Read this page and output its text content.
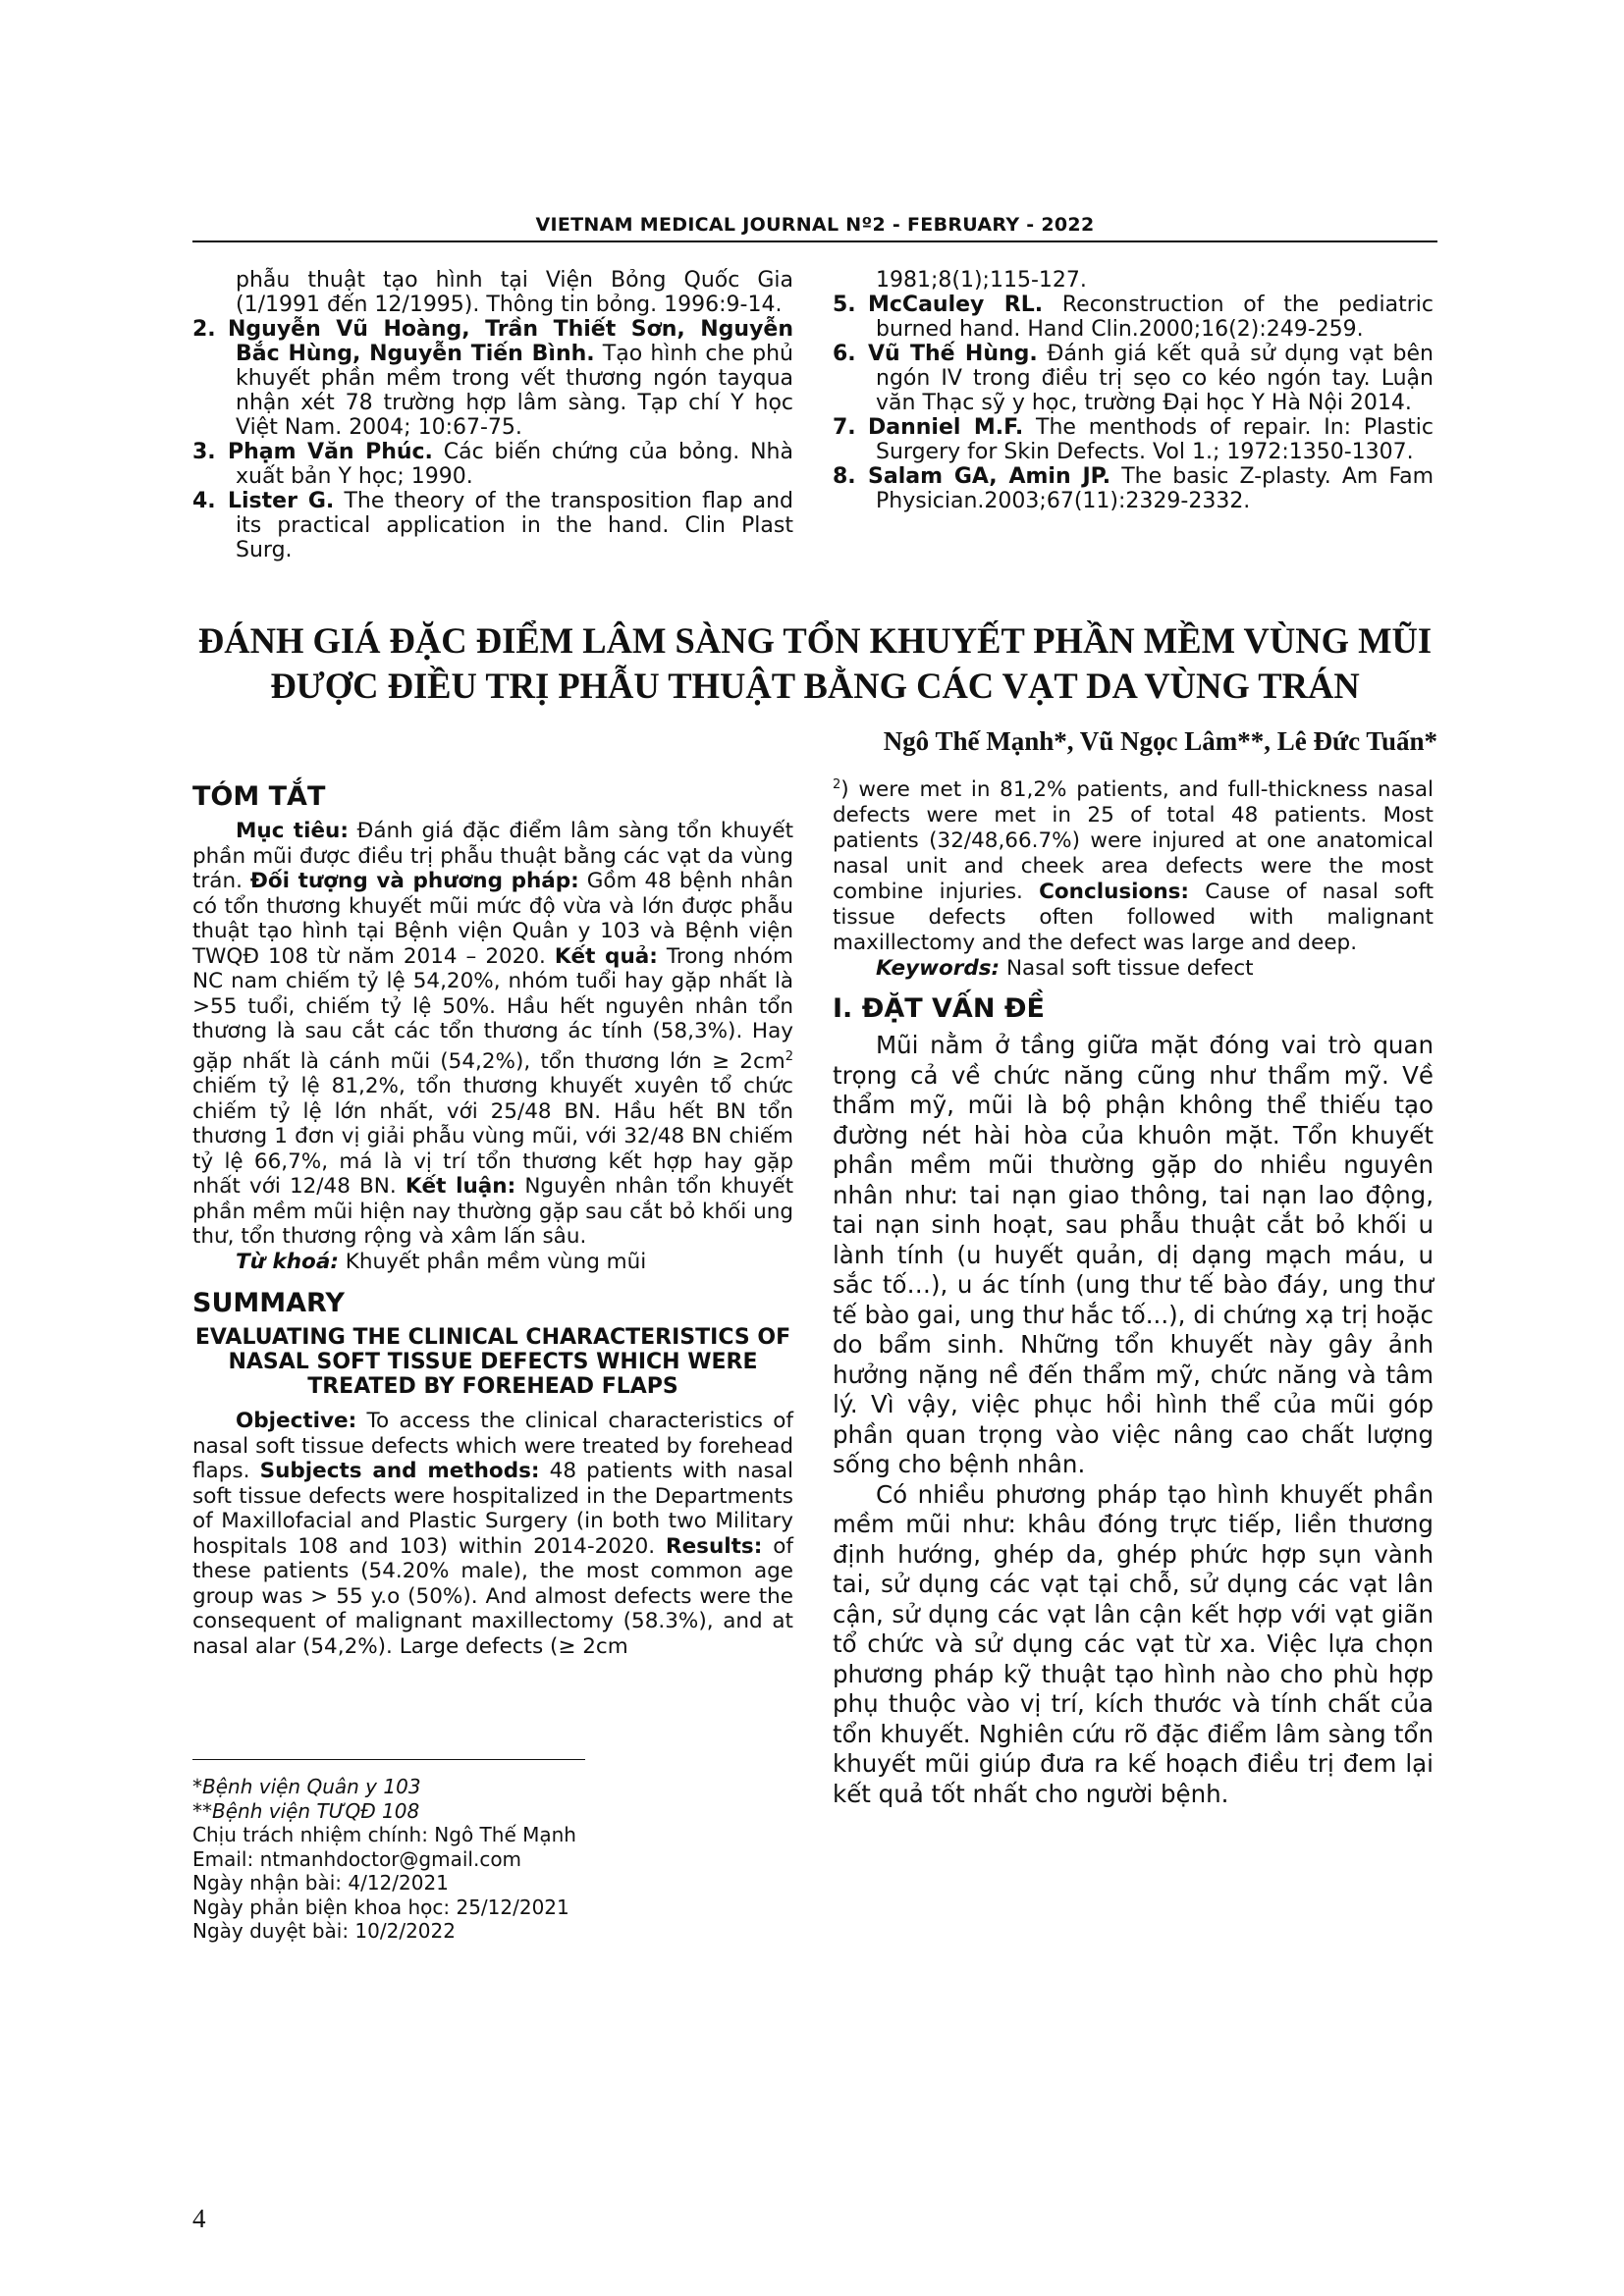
VIETNAM MEDICAL JOURNAL Nº2 - FEBRUARY - 2022

phẫu thuật tạo hình tại Viện Bỏng Quốc Gia (1/1991 đến 12/1995). Thông tin bỏng. 1996:9-14.

2. Nguyễn Vũ Hoàng, Trần Thiết Sơn, Nguyễn Bắc Hùng, Nguyễn Tiến Bình. Tạo hình che phủ khuyết phần mềm trong vết thương ngón tayqua nhận xét 78 trường hợp lâm sàng. Tạp chí Y học Việt Nam. 2004; 10:67-75.

3. Phạm Văn Phúc. Các biến chứng của bỏng. Nhà xuất bản Y học; 1990.

4. Lister G. The theory of the transposition flap and its practical application in the hand. Clin Plast Surg.

1981;8(1);115-127.

5. McCauley RL. Reconstruction of the pediatric burned hand. Hand Clin.2000;16(2):249-259.

6. Vũ Thế Hùng. Đánh giá kết quả sử dụng vạt bên ngón IV trong điều trị sẹo co kéo ngón tay. Luận văn Thạc sỹ y học, trường Đại học Y Hà Nội 2014.

7. Danniel M.F. The menthods of repair. In: Plastic Surgery for Skin Defects. Vol 1.; 1972:1350-1307.

8. Salam GA, Amin JP. The basic Z-plasty. Am Fam Physician.2003;67(11):2329-2332.

ĐÁNH GIÁ ĐẶC ĐIỂM LÂM SÀNG TỔN KHUYẾT PHẦN MỀM VÙNG MŨI
ĐƯỢC ĐIỀU TRỊ PHẪU THUẬT BẰNG CÁC VẠT DA VÙNG TRÁN
Ngô Thế Mạnh*, Vũ Ngọc Lâm**, Lê Đức Tuấn*
TÓM TẮT

Mục tiêu: Đánh giá đặc điểm lâm sàng tổn khuyết phần mũi được điều trị phẫu thuật bằng các vạt da vùng trán. Đối tượng và phương pháp: Gồm 48 bệnh nhân có tổn thương khuyết mũi mức độ vừa và lớn được phẫu thuật tạo hình tại Bệnh viện Quân y 103 và Bệnh viện TWQĐ 108 từ năm 2014 – 2020. Kết quả: Trong nhóm NC nam chiếm tỷ lệ 54,20%, nhóm tuổi hay gặp nhất là >55 tuổi, chiếm tỷ lệ 50%. Hầu hết nguyên nhân tổn thương là sau cắt các tổn thương ác tính (58,3%). Hay gặp nhất là cánh mũi (54,2%), tổn thương lớn ≥ $2cm^2$ chiếm tỷ lệ 81,2%, tổn thương khuyết xuyên tổ chức chiếm tỷ lệ lớn nhất, với 25/48 BN. Hầu hết BN tổn thương 1 đơn vị giải phẫu vùng mũi, với 32/48 BN chiếm tỷ lệ 66,7%, má là vị trí tổn thương kết hợp hay gặp nhất với 12/48 BN. Kết luận: Nguyên nhân tổn khuyết phần mềm mũi hiện nay thường gặp sau cắt bỏ khối ung thư, tổn thương rộng và xâm lấn sâu.

Từ khoá: Khuyết phần mềm vùng mũi

SUMMARY
EVALUATING THE CLINICAL CHARACTERISTICS OF NASAL SOFT TISSUE DEFECTS WHICH WERE TREATED BY FOREHEAD FLAPS

Objective: To access the clinical characteristics of nasal soft tissue defects which were treated by forehead flaps. Subjects and methods: 48 patients with nasal soft tissue defects were hospitalized in the Departments of Maxillofacial and Plastic Surgery (in both two Military hospitals 108 and 103) within 2014-2020. Results: of these patients (54.20% male), the most common age group was > 55 y.o (50%). And almost defects were the consequent of malignant maxillectomy (58.3%), and at nasal alar (54,2%). Large defects (≥ 2cm

$^2$) were met in 81,2% patients, and full-thickness nasal defects were met in 25 of total 48 patients. Most patients (32/48,66.7%) were injured at one anatomical nasal unit and cheek area defects were the most combine injuries. Conclusions: Cause of nasal soft tissue defects often followed with malignant maxillectomy and the defect was large and deep.

Keywords: Nasal soft tissue defect

I. ĐẶT VẤN ĐỀ

Mũi nằm ở tầng giữa mặt đóng vai trò quan trọng cả về chức năng cũng như thẩm mỹ. Về thẩm mỹ, mũi là bộ phận không thể thiếu tạo đường nét hài hòa của khuôn mặt. Tổn khuyết phần mềm mũi thường gặp do nhiều nguyên nhân như: tai nạn giao thông, tai nạn lao động, tai nạn sinh hoạt, sau phẫu thuật cắt bỏ khối u lành tính (u huyết quản, dị dạng mạch máu, u sắc tố…), u ác tính (ung thư tế bào đáy, ung thư tế bào gai, ung thư hắc tố...), di chứng xạ trị hoặc do bẩm sinh. Những tổn khuyết này gây ảnh hưởng nặng nề đến thẩm mỹ, chức năng và tâm lý. Vì vậy, việc phục hồi hình thể của mũi góp phần quan trọng vào việc nâng cao chất lượng sống cho bệnh nhân.

Có nhiều phương pháp tạo hình khuyết phần mềm mũi như: khâu đóng trực tiếp, liền thương định hướng, ghép da, ghép phức hợp sụn vành tai, sử dụng các vạt tại chỗ, sử dụng các vạt lân cận, sử dụng các vạt lân cận kết hợp với vạt giãn tổ chức và sử dụng các vạt từ xa. Việc lựa chọn phương pháp kỹ thuật tạo hình nào cho phù hợp phụ thuộc vào vị trí, kích thước và tính chất của tổn khuyết. Nghiên cứu rõ đặc điểm lâm sàng tổn khuyết mũi giúp đưa ra kế hoạch điều trị đem lại kết quả tốt nhất cho người bệnh.

*Bệnh viện Quân y 103
**Bệnh viện TƯQĐ 108
Chịu trách nhiệm chính: Ngô Thế Mạnh
Email: ntmanhdoctor@gmail.com
Ngày nhận bài: 4/12/2021
Ngày phản biện khoa học: 25/12/2021
Ngày duyệt bài: 10/2/2022
4
